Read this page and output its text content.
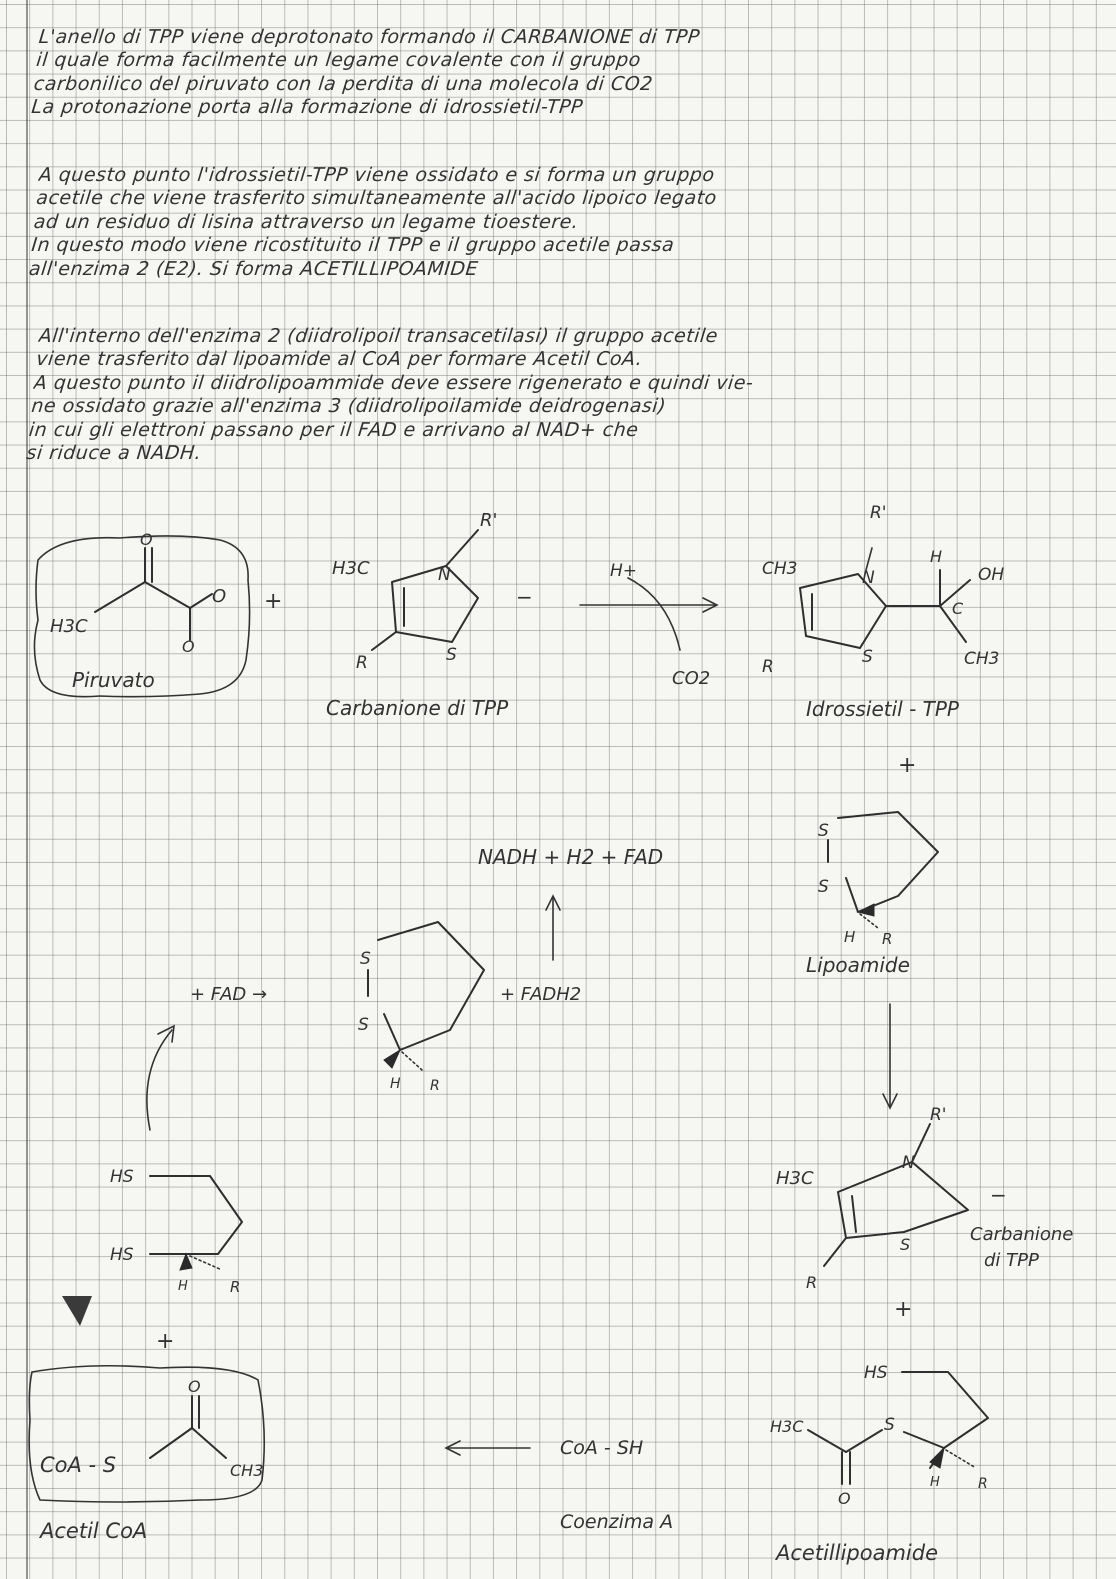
L'anello di TPP viene deprotonato formando il CARBANIONE di TPP
il quale forma facilmente un legame covalente con il gruppo
carbonilico del piruvato con la perdita di una molecola di CO2
La protonazione porta alla formazione di idrossietil-TPP
A questo punto l'idrossietil-TPP viene ossidato e si forma un gruppo
acetile che viene trasferito simultaneamente all'acido lipoico legato
ad un residuo di lisina attraverso un legame tioestere.
In questo modo viene ricostituito il TPP e il gruppo acetile passa
all'enzima 2 (E2). Si forma ACETILLIPOAMIDE
All'interno dell'enzima 2 (diidrolipoil transacetilasi) il gruppo acetile
viene trasferito dal lipoamide al CoA per formare Acetil CoA.
A questo punto il diidrolipoammide deve essere rigenerato e quindi vie-
ne ossidato grazie all'enzima 3 (diidrolipoilamide deidrogenasi)
in cui gli elettroni passano per il FAD e arrivano al NAD+ che
si riduce a NADH.
O
O
O
H3C
Piruvato
+
H3C	N
R'
S
R
−
Carbanione di TPP
H+
CO2
CH3	N
R'
S
R
H
OH
C
CH3
Idrossietil - TPP
+
S
S
H R
Lipoamide
NADH + H2 + FAD
S
S
H R
+ FAD →	+ FADH2
HS
HS
H	R
+
H3C
N
R'
S
R
−
Carbanione
di TPP
+
HS
S
H3C
O
H	R
Acetillipoamide
CoA - SH
Coenzima A
O
CoA - S	CH3
Acetil CoA
